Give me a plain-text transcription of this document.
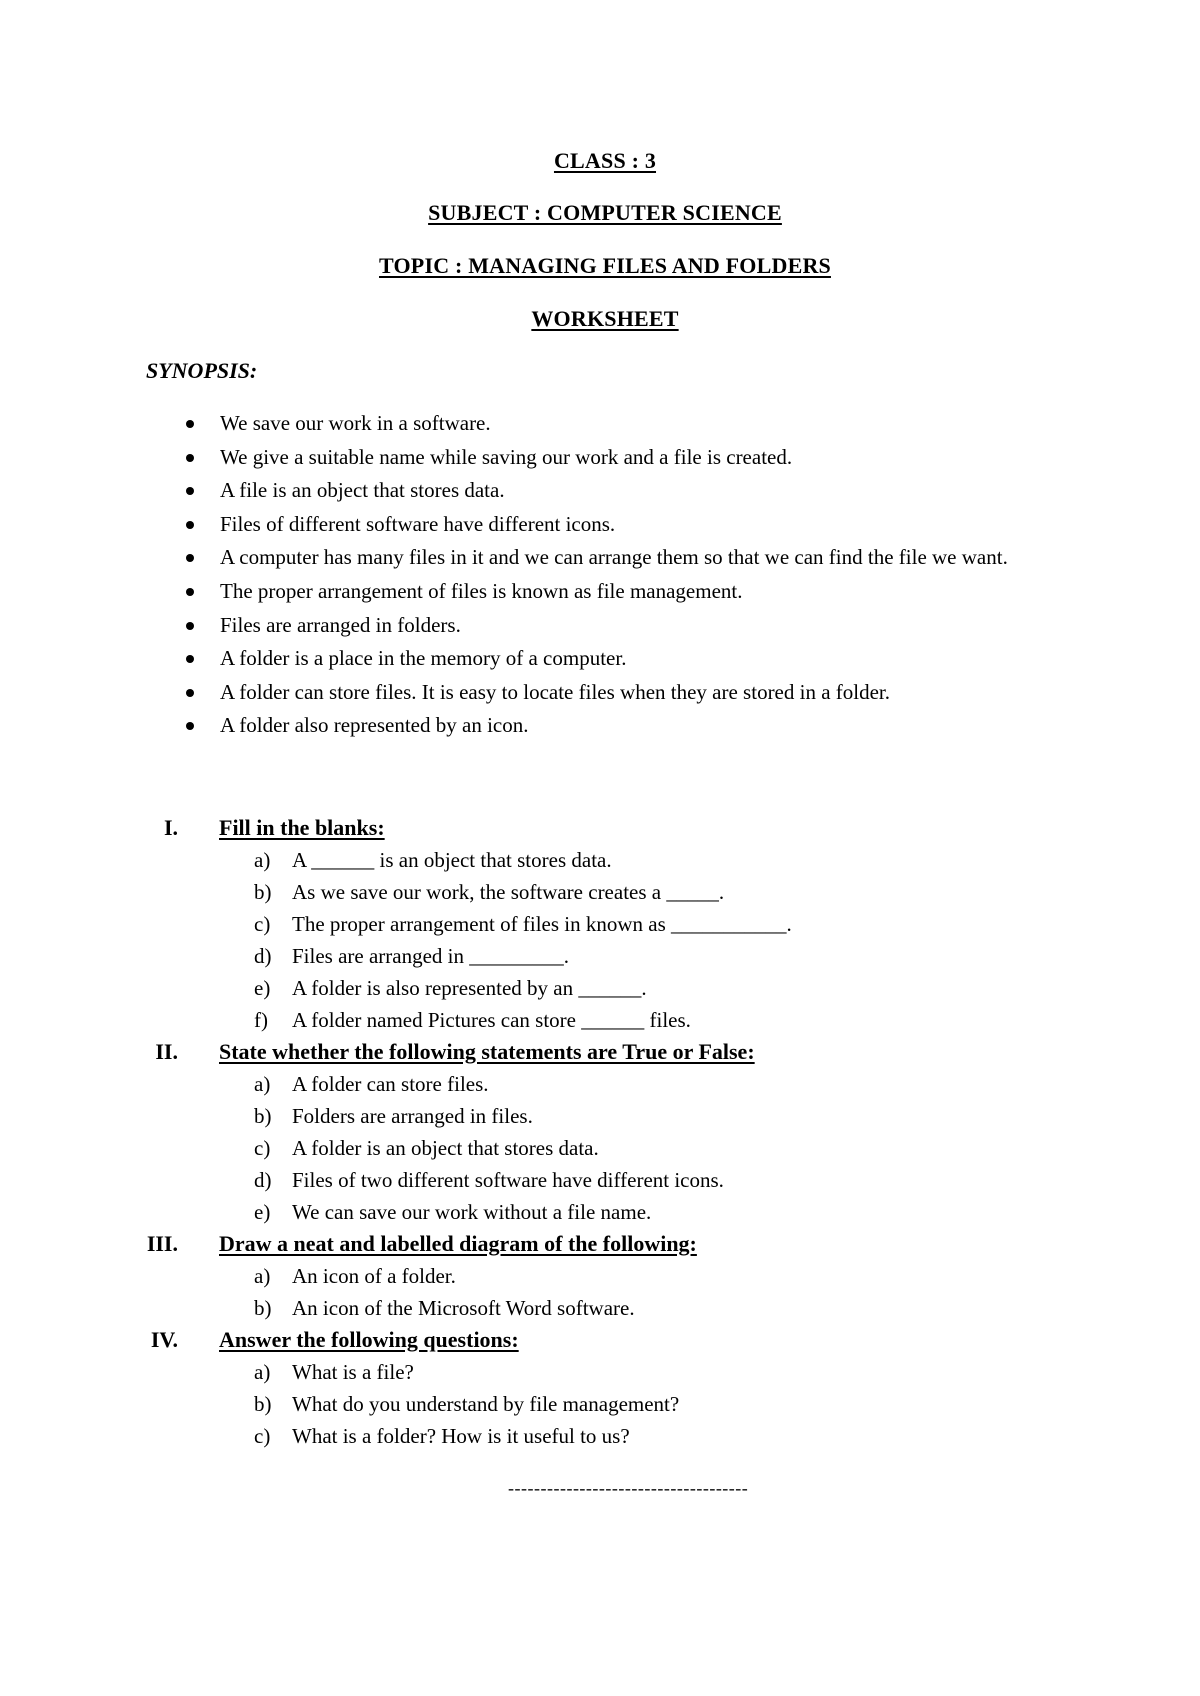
CLASS : 3
SUBJECT : COMPUTER SCIENCE
TOPIC : MANAGING FILES AND FOLDERS
WORKSHEET
SYNOPSIS:
We save our work in a software.
We give a suitable name while saving our work and a file is created.
A file is an object that stores data.
Files of different software have different icons.
A computer has many files in it and we can arrange them so that we can find the file we want.
The proper arrangement of files is known as file management.
Files are arranged in folders.
A folder is a place in the memory of a computer.
A folder can store files. It is easy to locate files when they are stored in a folder.
A folder also represented by an icon.
I. Fill in the blanks:
a) A ______ is an object that stores data.
b) As we save our work, the software creates a _____.
c) The proper arrangement of files in known as ___________.
d) Files are arranged in _________.
e) A folder is also represented by an ______.
f) A folder named Pictures can store ______ files.
II. State whether the following statements are True or False:
a) A folder can store files.
b) Folders are arranged in files.
c) A folder is an object that stores data.
d) Files of two different software have different icons.
e) We can save our work without a file name.
III. Draw a neat and labelled diagram of the following:
a) An icon of a folder.
b) An icon of the Microsoft Word software.
IV. Answer the following questions:
a) What is a file?
b) What do you understand by file management?
c) What is a folder? How is it useful to us?
-------------------------------------
